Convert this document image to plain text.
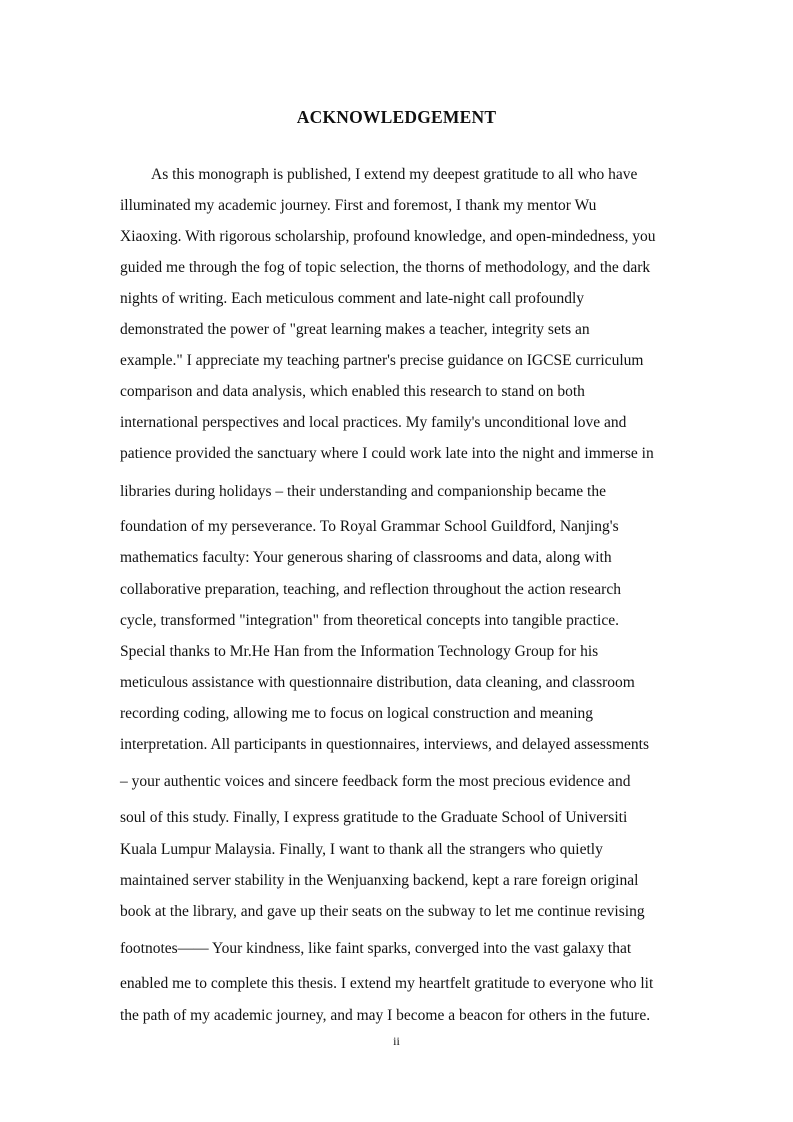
ACKNOWLEDGEMENT

As this monograph is published, I extend my deepest gratitude to all who have

illuminated my academic journey. First and foremost, I thank my mentor Wu

Xiaoxing. With rigorous scholarship, profound knowledge, and open-mindedness, you

guided me through the fog of topic selection, the thorns of methodology, and the dark

nights of writing. Each meticulous comment and late-night call profoundly

demonstrated the power of "great learning makes a teacher, integrity sets an

example." I appreciate my teaching partner's precise guidance on IGCSE curriculum

comparison and data analysis, which enabled this research to stand on both

international perspectives and local practices. My family's unconditional love and

patience provided the sanctuary where I could work late into the night and immerse in

libraries during holidays – their understanding and companionship became the

foundation of my perseverance. To Royal Grammar School Guildford, Nanjing's

mathematics faculty: Your generous sharing of classrooms and data, along with

collaborative preparation, teaching, and reflection throughout the action research

cycle, transformed "integration" from theoretical concepts into tangible practice.

Special thanks to Mr.He Han from the Information Technology Group for his

meticulous assistance with questionnaire distribution, data cleaning, and classroom

recording coding, allowing me to focus on logical construction and meaning

interpretation. All participants in questionnaires, interviews, and delayed assessments

– your authentic voices and sincere feedback form the most precious evidence and

soul of this study. Finally, I express gratitude to the Graduate School of Universiti

Kuala Lumpur Malaysia. Finally, I want to thank all the strangers who quietly

maintained server stability in the Wenjuanxing backend, kept a rare foreign original

book at the library, and gave up their seats on the subway to let me continue revising

footnotes—— Your kindness, like faint sparks, converged into the vast galaxy that

enabled me to complete this thesis. I extend my heartfelt gratitude to everyone who lit

the path of my academic journey, and may I become a beacon for others in the future.

ii
